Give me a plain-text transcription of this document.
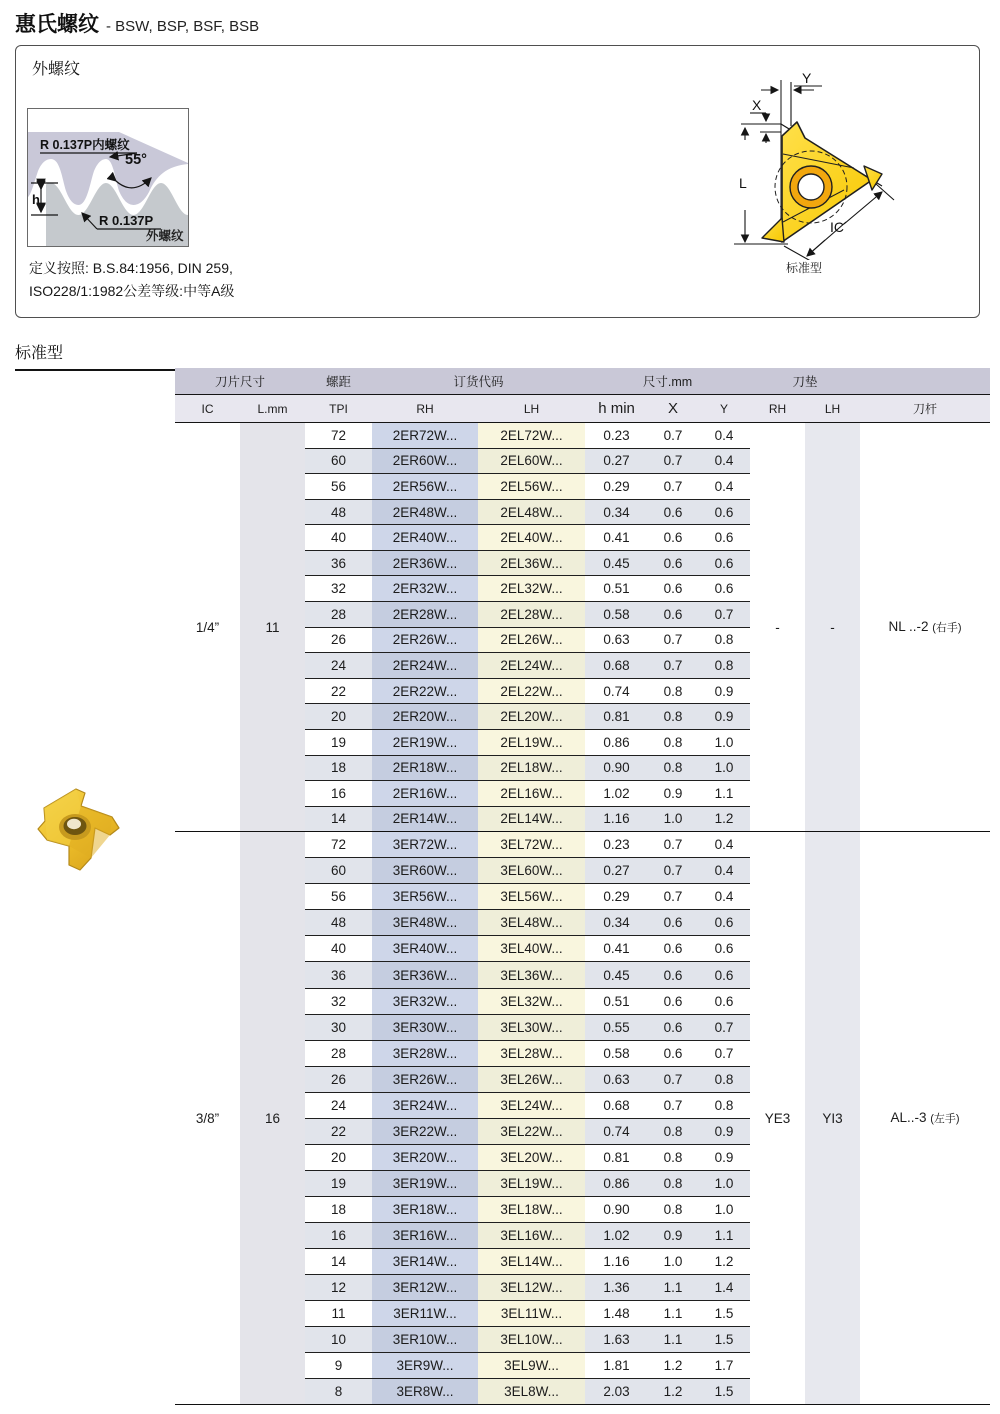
惠氏螺纹 - BSW, BSP, BSF, BSB
外螺纹
h
R 0.137P内螺纹
55°
R 0.137P
外螺纹
定义按照: B.S.84:1956, DIN 259,
ISO228/1:1982公差等级:中等A级
Y
X
L
IC
标准型
标准型
刀片尺寸		螺距	订货代码		尺寸.mm			刀垫		
IC	L.mm	TPI	RH	LH	h min	X	Y	RH	LH	刀杆
1/4”	11	72	2ER72W...	2EL72W...	0.23	0.7	0.4	-	-	NL ..-2 (右手)
		60	2ER60W...	2EL60W...	0.27	0.7	0.4			
		56	2ER56W...	2EL56W...	0.29	0.7	0.4			
		48	2ER48W...	2EL48W...	0.34	0.6	0.6			
		40	2ER40W...	2EL40W...	0.41	0.6	0.6			
		36	2ER36W...	2EL36W...	0.45	0.6	0.6			
		32	2ER32W...	2EL32W...	0.51	0.6	0.6			
		28	2ER28W...	2EL28W...	0.58	0.6	0.7			
		26	2ER26W...	2EL26W...	0.63	0.7	0.8			
		24	2ER24W...	2EL24W...	0.68	0.7	0.8			
		22	2ER22W...	2EL22W...	0.74	0.8	0.9			
		20	2ER20W...	2EL20W...	0.81	0.8	0.9			
		19	2ER19W...	2EL19W...	0.86	0.8	1.0			
		18	2ER18W...	2EL18W...	0.90	0.8	1.0			
		16	2ER16W...	2EL16W...	1.02	0.9	1.1			
		14	2ER14W...	2EL14W...	1.16	1.0	1.2			
3/8”	16	72	3ER72W...	3EL72W...	0.23	0.7	0.4	YE3	YI3	AL..-3 (左手)
		60	3ER60W...	3EL60W...	0.27	0.7	0.4			
		56	3ER56W...	3EL56W...	0.29	0.7	0.4			
		48	3ER48W...	3EL48W...	0.34	0.6	0.6			
		40	3ER40W...	3EL40W...	0.41	0.6	0.6			
		36	3ER36W...	3EL36W...	0.45	0.6	0.6			
		32	3ER32W...	3EL32W...	0.51	0.6	0.6			
		30	3ER30W...	3EL30W...	0.55	0.6	0.7			
		28	3ER28W...	3EL28W...	0.58	0.6	0.7			
		26	3ER26W...	3EL26W...	0.63	0.7	0.8			
		24	3ER24W...	3EL24W...	0.68	0.7	0.8			
		22	3ER22W...	3EL22W...	0.74	0.8	0.9			
		20	3ER20W...	3EL20W...	0.81	0.8	0.9			
		19	3ER19W...	3EL19W...	0.86	0.8	1.0			
		18	3ER18W...	3EL18W...	0.90	0.8	1.0			
		16	3ER16W...	3EL16W...	1.02	0.9	1.1			
		14	3ER14W...	3EL14W...	1.16	1.0	1.2			
		12	3ER12W...	3EL12W...	1.36	1.1	1.4			
		11	3ER11W...	3EL11W...	1.48	1.1	1.5			
		10	3ER10W...	3EL10W...	1.63	1.1	1.5			
		9	3ER9W...	3EL9W...	1.81	1.2	1.7			
		8	3ER8W...	3EL8W...	2.03	1.2	1.5			
